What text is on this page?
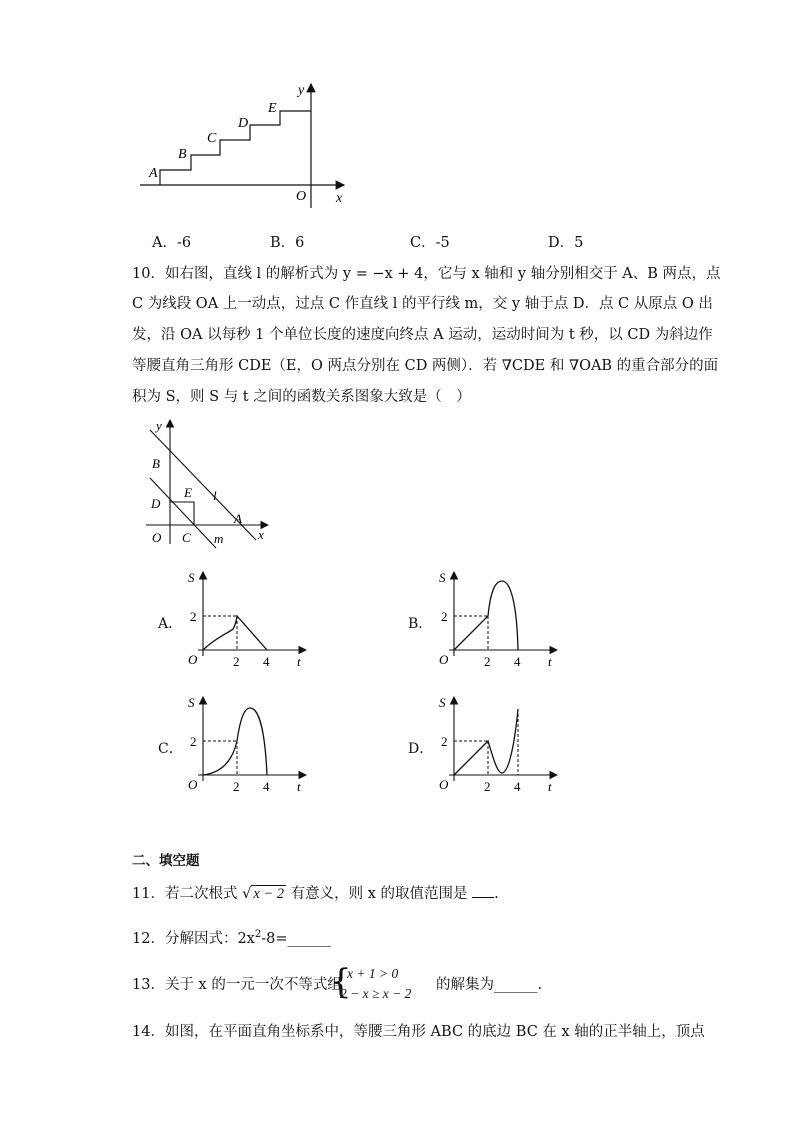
A
B
C
D
E
y
x
O
A．-6	B．6	C．-5	D．5
10．如右图，直线 l 的解析式为 y = −x + 4，它与 x 轴和 y 轴分别相交于 A、B 两点，点
C 为线段 OA 上一动点，过点 C 作直线 l 的平行线 m，交 y 轴于点 D．点 C 从原点 O 出
发，沿 OA 以每秒 1 个单位长度的速度向终点 A 运动，运动时间为 t 秒，以 CD 为斜边作
等腰直角三角形 CDE（E，O 两点分别在 CD 两侧）．若 ∇CDE 和 ∇OAB 的重合部分的面
积为 S，则 S 与 t 之间的函数关系图象大致是（　）
y
B
D
E l
A
x
O C m
A．
S
2
O	2 4 t
B．
S
2
O	2 4 t
C．
S
2
O	2 4 t
D．
S
2
O	2 4 t
二、填空题
11．若二次根式 √ x − 2 有意义，则 x 的取值范围是 .
12．分解因式：$2x^2-8=\_\_\_\_\_\_$
13．关于 x 的一元一次不等式组
{
x + 1 > 0
2 − x ≥ x − 2
的解集为______.
14．如图，在平面直角坐标系中，等腰三角形 ABC 的底边 BC 在 x 轴的正半轴上，顶点
